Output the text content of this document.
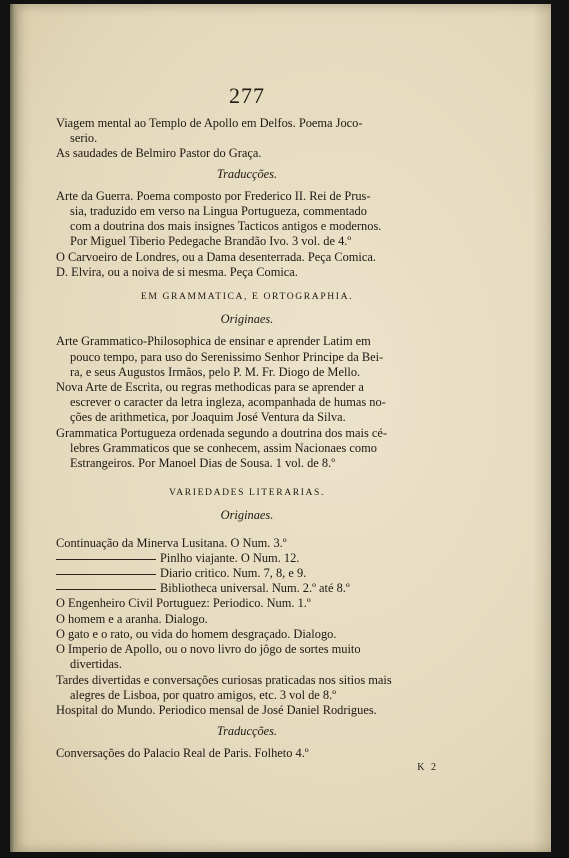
277
Viagem mental ao Templo de Apollo em Delfos. Poema Joco-
serio.
As saudades de Belmiro Pastor do Graça.
Traducções.
Arte da Guerra. Poema composto por Frederico II. Rei de Prus-
sia, traduzido em verso na Lingua Portugueza, commentado
com a doutrina dos mais insignes Tacticos antigos e modernos.
Por Miguel Tiberio Pedegache Brandão Ivo. 3 vol. de 4.º
O Carvoeiro de Londres, ou a Dama desenterrada. Peça Comica.
D. Elvira, ou a noiva de si mesma. Peça Comica.
EM GRAMMATICA, E ORTOGRAPHIA.
Originaes.
Arte Grammatico-Philosophica de ensinar e aprender Latim em
pouco tempo, para uso do Serenissimo Senhor Principe da Bei-
ra, e seus Augustos Irmãos, pelo P. M. Fr. Diogo de Mello.
Nova Arte de Escrita, ou regras methodicas para se aprender a
escrever o caracter da letra ingleza, acompanhada de humas no-
ções de arithmetica, por Joaquim José Ventura da Silva.
Grammatica Portugueza ordenada segundo a doutrina dos mais cé-
lebres Grammaticos que se conhecem, assim Nacionaes como
Estrangeiros. Por Manoel Dias de Sousa. 1 vol. de 8.º
VARIEDADES LITERARIAS.
Originaes.
Continuação da Minerva Lusitana. O Num. 3.º
Pinlho viajante. O Num. 12.
Diario critico. Num. 7, 8, e 9.
Bibliotheca universal. Num. 2.º até 8.º
O Engenheiro Civil Portuguez: Periodico. Num. 1.º
O homem e a aranha. Dialogo.
O gato e o rato, ou vida do homem desgraçado. Dialogo.
O Imperio de Apollo, ou o novo livro do jôgo de sortes muito
divertidas.
Tardes divertidas e conversações curiosas praticadas nos sitios mais
alegres de Lisboa, por quatro amigos, etc. 3 vol de 8.º
Hospital do Mundo. Periodico mensal de José Daniel Rodrigues.
Traducções.
Conversações do Palacio Real de Paris. Folheto 4.º
K 2
